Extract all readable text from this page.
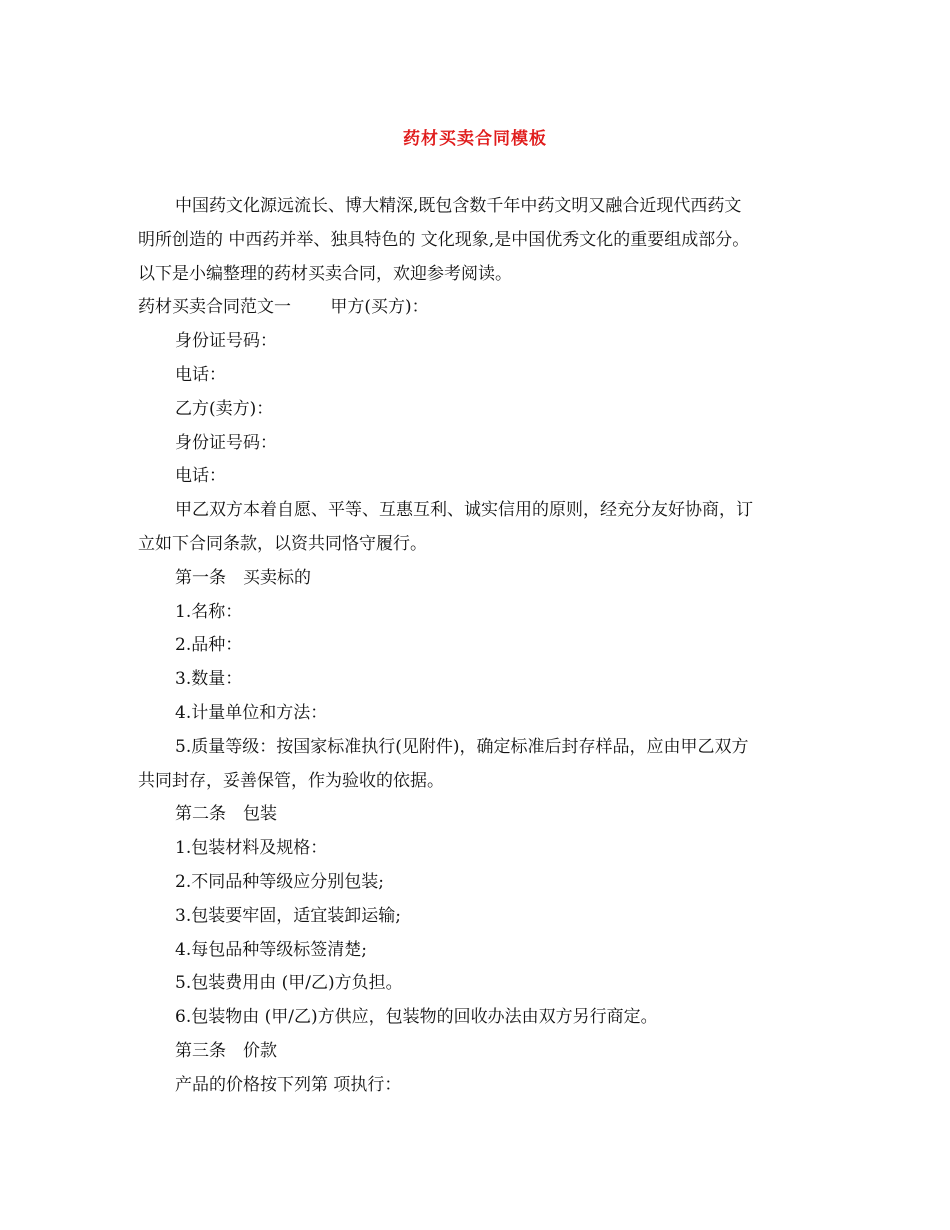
药材买卖合同模板

中国药文化源远流长、博大精深,既包含数千年中药文明又融合近现代西药文

明所创造的 中西药并举、独具特色的 文化现象,是中国优秀文化的重要组成部分。

以下是小编整理的药材买卖合同，欢迎参考阅读。

药材买卖合同范文一　　 甲方(买方)：

身份证号码：

电话：

乙方(卖方)：

身份证号码：

电话：

甲乙双方本着自愿、平等、互惠互利、诚实信用的原则，经充分友好协商，订

立如下合同条款，以资共同恪守履行。

第一条　买卖标的

1.名称：

2.品种：

3.数量：

4.计量单位和方法：

5.质量等级：按国家标准执行(见附件)，确定标准后封存样品，应由甲乙双方

共同封存，妥善保管，作为验收的依据。

第二条　包装

1.包装材料及规格：

2.不同品种等级应分别包装;

3.包装要牢固，适宜装卸运输;

4.每包品种等级标签清楚;

5.包装费用由 (甲/乙)方负担。

6.包装物由 (甲/乙)方供应，包装物的回收办法由双方另行商定。

第三条　价款

产品的价格按下列第 项执行：
